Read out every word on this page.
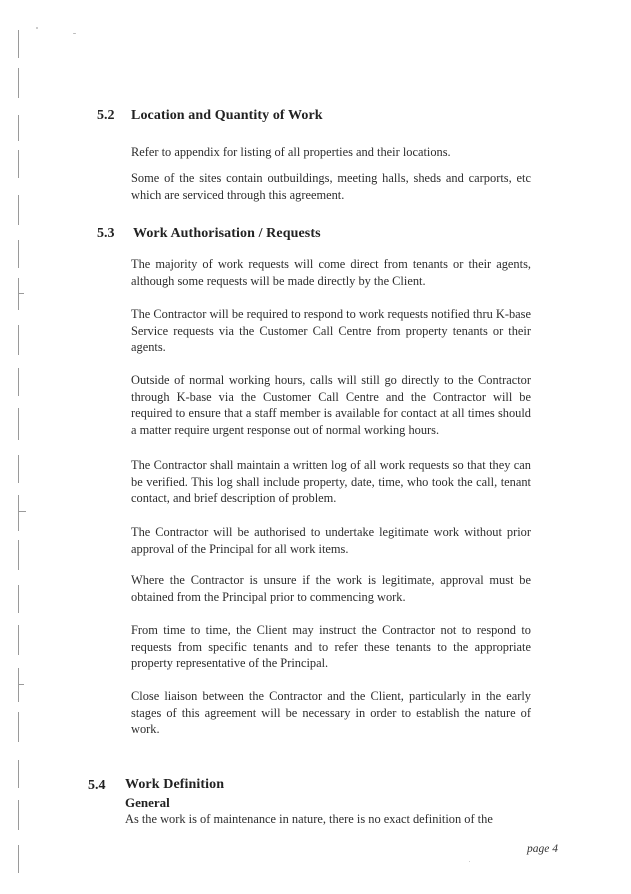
5.2 Location and Quantity of Work

Refer to appendix for listing of all properties and their locations.

Some of the sites contain outbuildings, meeting halls, sheds and carports, etc which are serviced through this agreement.

5.3 Work Authorisation / Requests

The majority of work requests will come direct from tenants or their agents, although some requests will be made directly by the Client.

The Contractor will be required to respond to work requests notified thru K-base Service requests via the Customer Call Centre from property tenants or their agents.

Outside of normal working hours, calls will still go directly to the Contractor through K-base via the Customer Call Centre and the Contractor will be required to ensure that a staff member is available for contact at all times should a matter require urgent response out of normal working hours.

The Contractor shall maintain a written log of all work requests so that they can be verified. This log shall include property, date, time, who took the call, tenant contact, and brief description of problem.

The Contractor will be authorised to undertake legitimate work without prior approval of the Principal for all work items.

Where the Contractor is unsure if the work is legitimate, approval must be obtained from the Principal prior to commencing work.

From time to time, the Client may instruct the Contractor not to respond to requests from specific tenants and to refer these tenants to the appropriate property representative of the Principal.

Close liaison between the Contractor and the Client, particularly in the early stages of this agreement will be necessary in order to establish the nature of work.

5.4 Work Definition
General

As the work is of maintenance in nature, there is no exact definition of the

page 4
